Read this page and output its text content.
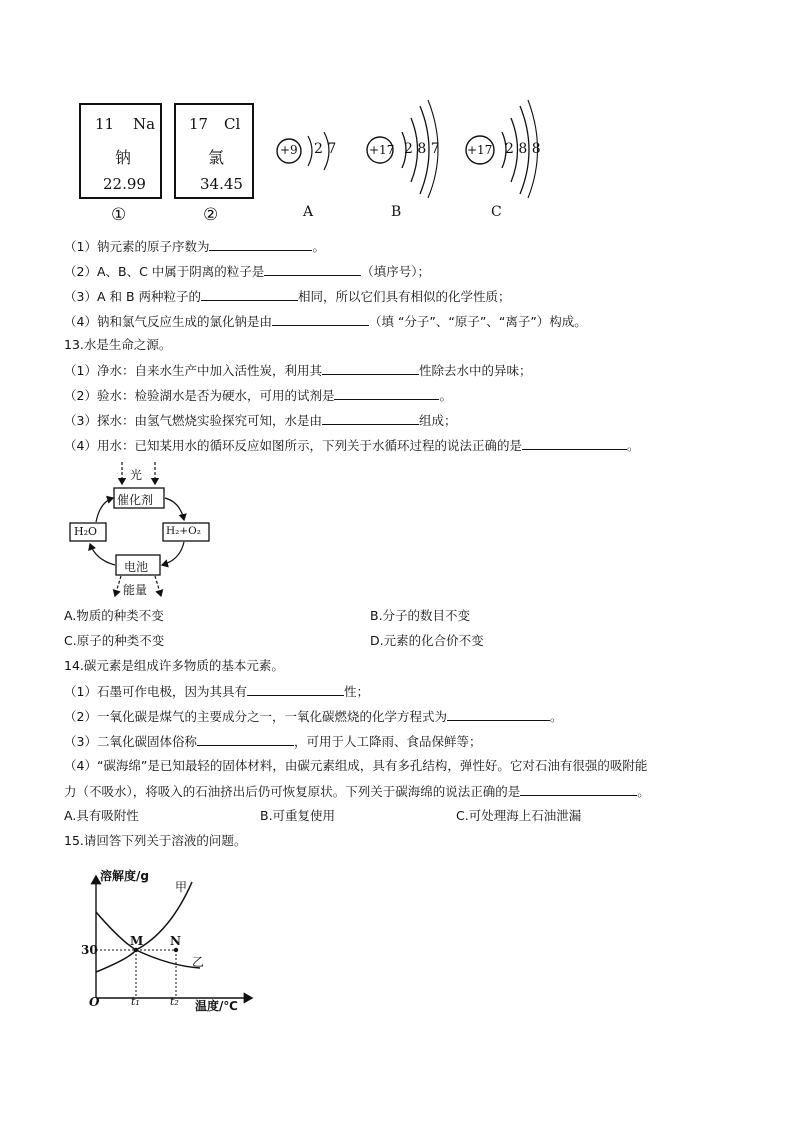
11 Na
钠
22.99
17 Cl
氯
34.45
①	②
+9 2 7
A
+17 2 8 7
B
+17 2 8 8
C
（1）钠元素的原子序数为	。
（2）A、B、C 中属于阴离的粒子是	（填序号）；
（3）A 和 B 两种粒子的	相同，所以它们具有相似的化学性质；
（4）钠和氯气反应生成的氯化钠是由	（填 “分子”、“原子”、“离子”）构成。
13.水是生命之源。
（1）净水：自来水生产中加入活性炭，利用其	性除去水中的异味；
（2）验水：检验湖水是否为硬水，可用的试剂是	。
（3）探水：由氢气燃烧实验探究可知，水是由	组成；
（4）用水：已知某用水的循环反应如图所示，下列关于水循环过程的说法正确的是	。
光
催化剂
H₂O	H₂+O₂
电池
能量
A.物质的种类不变	B.分子的数目不变
C.原子的种类不变	D.元素的化合价不变
14.碳元素是组成许多物质的基本元素。
（1）石墨可作电极，因为其具有	性；
（2）一氧化碳是煤气的主要成分之一，一氧化碳燃烧的化学方程式为	。
（3）二氧化碳固体俗称	，可用于人工降雨、食品保鲜等；
（4）“碳海绵”是已知最轻的固体材料，由碳元素组成，具有多孔结构，弹性好。它对石油有很强的吸附能
力（不吸水），将吸入的石油挤出后仍可恢复原状。下列关于碳海绵的说法正确的是	。
A.具有吸附性	B.可重复使用	C.可处理海上石油泄漏
15.请回答下列关于溶液的问题。
溶解度/g
甲
M N
30
乙
O	t₁	t₂ 温度/℃
